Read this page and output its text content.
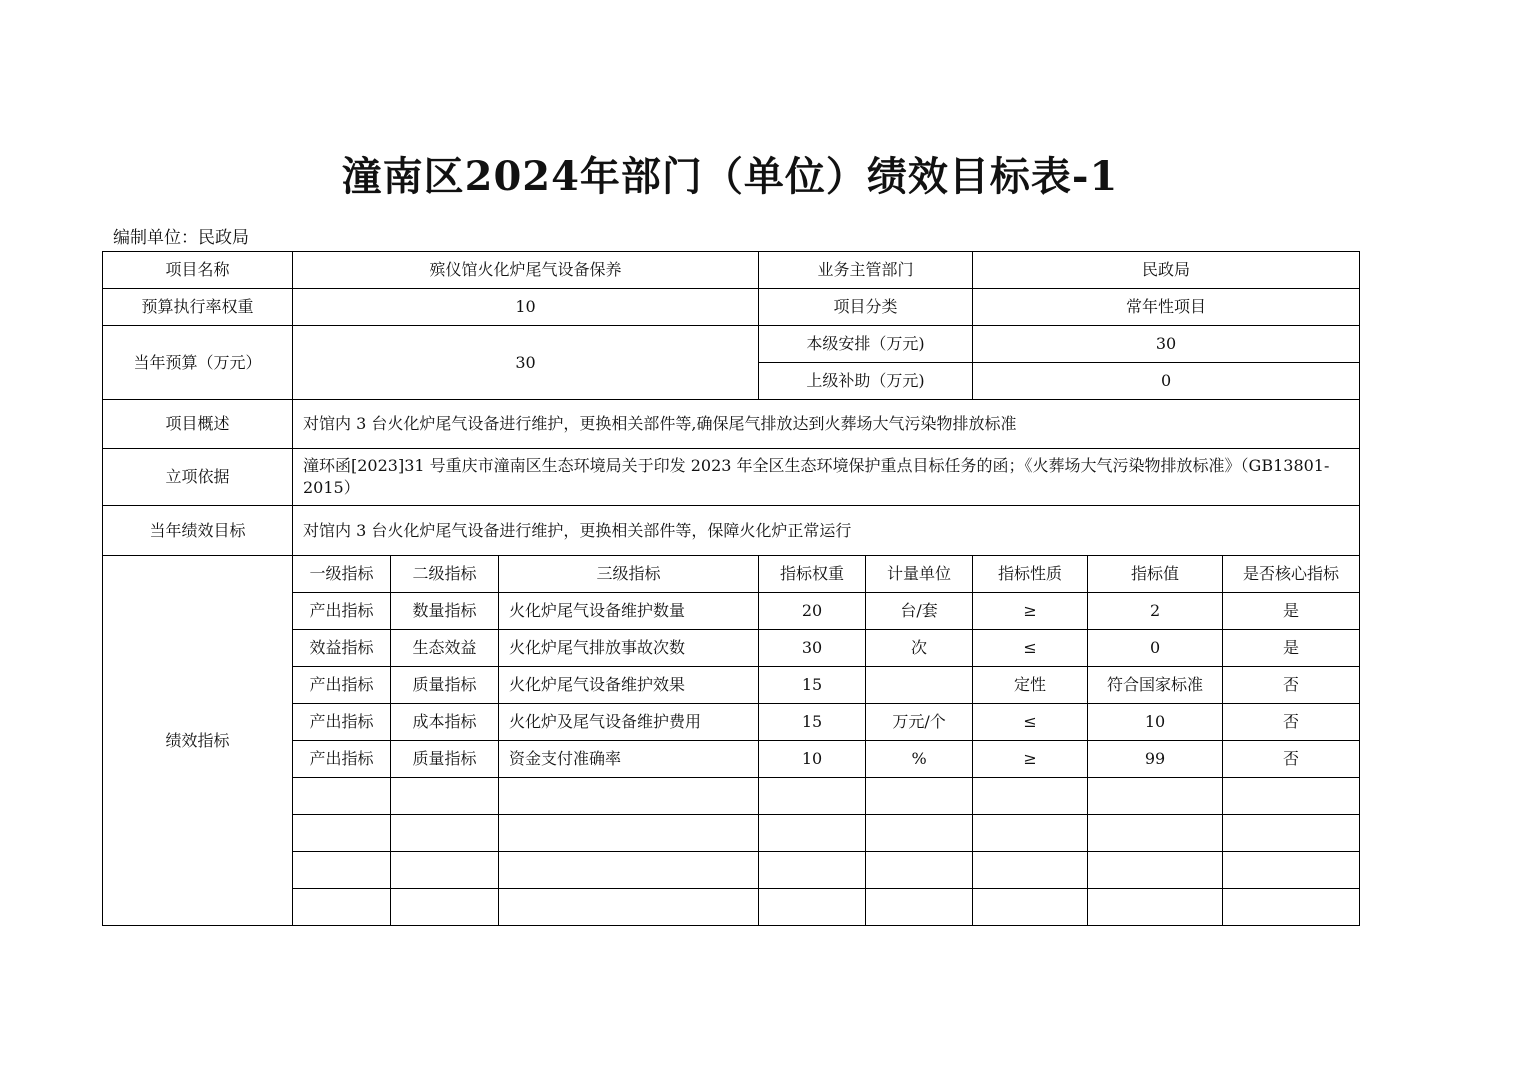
潼南区2024年部门（单位）绩效目标表-1
编制单位：民政局
项目名称	殡仪馆火化炉尾气设备保养			业务主管部门		民政局		
预算执行率权重	10			项目分类		常年性项目		
当年预算（万元）	30			本级安排（万元)		30		
				上级补助（万元)		0		
项目概述	对馆内 3 台火化炉尾气设备进行维护，更换相关部件等,确保尾气排放达到火葬场大气污染物排放标准							
立项依据	潼环函[2023]31 号重庆市潼南区生态环境局关于印发 2023 年全区生态环境保护重点目标任务的函；《火葬场大气污染物排放标准》（GB13801-2015）							
当年绩效目标	对馆内 3 台火化炉尾气设备进行维护，更换相关部件等，保障火化炉正常运行							
绩效指标	一级指标	二级指标	三级指标	指标权重	计量单位	指标性质	指标值	是否核心指标
	产出指标	数量指标	火化炉尾气设备维护数量	20	台/套	≥	2	是
	效益指标	生态效益	火化炉尾气排放事故次数	30	次	≤	0	是
	产出指标	质量指标	火化炉尾气设备维护效果	15		定性	符合国家标准	否
	产出指标	成本指标	火化炉及尾气设备维护费用	15	万元/个	≤	10	否
	产出指标	质量指标	资金支付准确率	10	%	≥	99	否
